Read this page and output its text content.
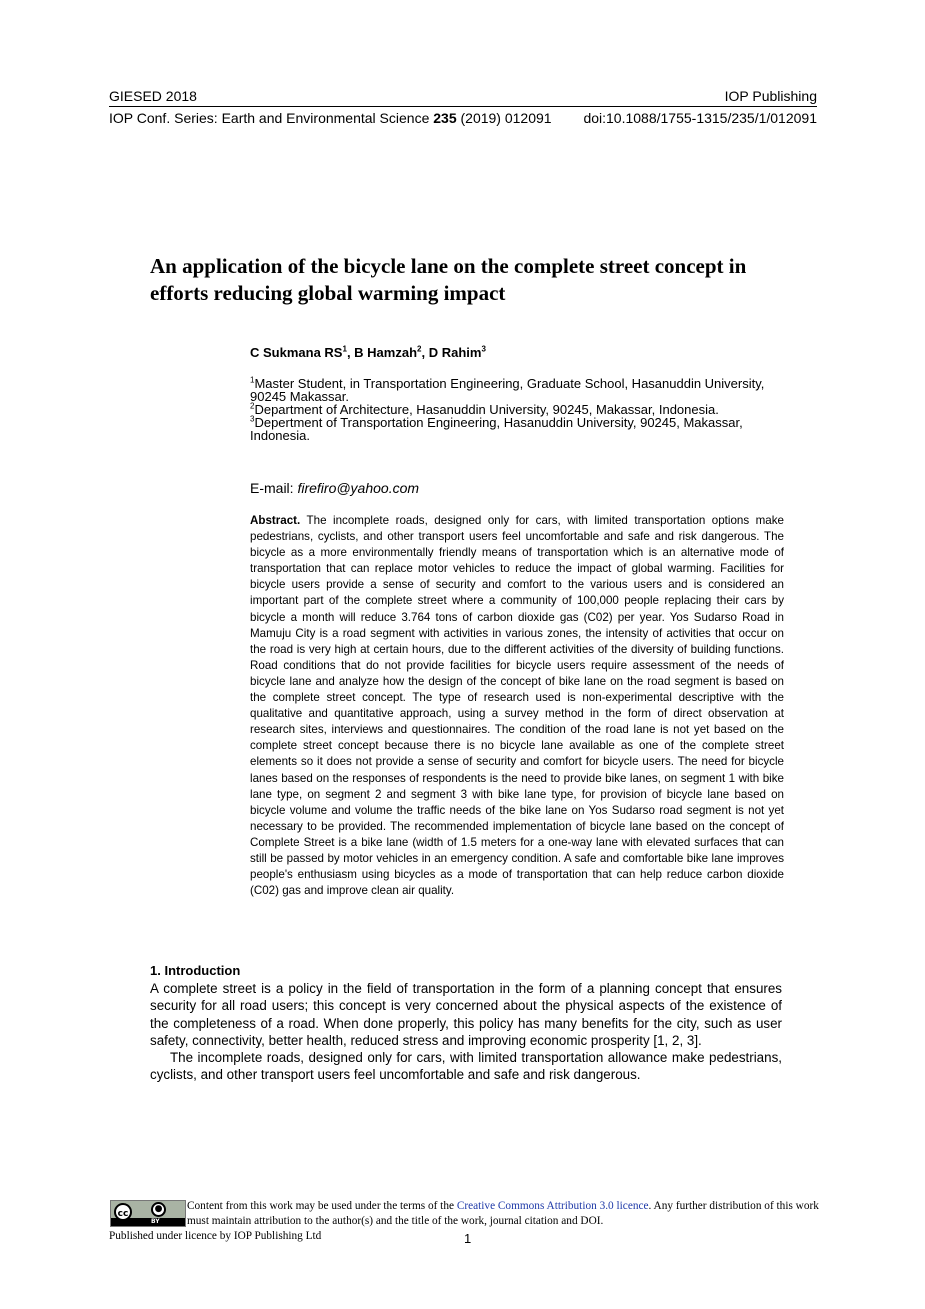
GIESED 2018	IOP Publishing
IOP Conf. Series: Earth and Environmental Science 235 (2019) 012091 doi:10.1088/1755-1315/235/1/012091
An application of the bicycle lane on the complete street concept in efforts reducing global warming impact
C Sukmana $RS^1$, B Hamzah$^2$, D Rahim$^3$
$^1$Master Student, in Transportation Engineering, Graduate School, Hasanuddin University, 90245 Makassar.
$^2$Department of Architecture, Hasanuddin University, 90245, Makassar, Indonesia.
$^3$Depertment of Transportation Engineering, Hasanuddin University, 90245, Makassar, Indonesia.
E-mail: firefiro@yahoo.com

Abstract. The incomplete roads, designed only for cars, with limited transportation options make pedestrians, cyclists, and other transport users feel uncomfortable and safe and risk dangerous. The bicycle as a more environmentally friendly means of transportation which is an alternative mode of transportation that can replace motor vehicles to reduce the impact of global warming. Facilities for bicycle users provide a sense of security and comfort to the various users and is considered an important part of the complete street where a community of 100,000 people replacing their cars by bicycle a month will reduce 3.764 tons of carbon dioxide gas (C02) per year. Yos Sudarso Road in Mamuju City is a road segment with activities in various zones, the intensity of activities that occur on the road is very high at certain hours, due to the different activities of the diversity of building functions. Road conditions that do not provide facilities for bicycle users require assessment of the needs of bicycle lane and analyze how the design of the concept of bike lane on the road segment is based on the complete street concept. The type of research used is non-experimental descriptive with the qualitative and quantitative approach, using a survey method in the form of direct observation at research sites, interviews and questionnaires. The condition of the road lane is not yet based on the complete street concept because there is no bicycle lane available as one of the complete street elements so it does not provide a sense of security and comfort for bicycle users. The need for bicycle lanes based on the responses of respondents is the need to provide bike lanes, on segment 1 with bike lane type, on segment 2 and segment 3 with bike lane type, for provision of bicycle lane based on bicycle volume and volume the traffic needs of the bike lane on Yos Sudarso road segment is not yet necessary to be provided. The recommended implementation of bicycle lane based on the concept of Complete Street is a bike lane (width of 1.5 meters for a one-way lane with elevated surfaces that can still be passed by motor vehicles in an emergency condition. A safe and comfortable bike lane improves people's enthusiasm using bicycles as a mode of transportation that can help reduce carbon dioxide (C02) gas and improve clean air quality.

1. Introduction

A complete street is a policy in the field of transportation in the form of a planning concept that ensures security for all road users; this concept is very concerned about the physical aspects of the existence of the completeness of a road. When done properly, this policy has many benefits for the city, such as user safety, connectivity, better health, reduced stress and improving economic prosperity [1, 2, 3].

The incomplete roads, designed only for cars, with limited transportation allowance make pedestrians, cyclists, and other transport users feel uncomfortable and safe and risk dangerous.

cc	●
BY
Content from this work may be used under the terms of the Creative Commons Attribution 3.0 licence. Any further distribution of this work must maintain attribution to the author(s) and the title of the work, journal citation and DOI.
Published under licence by IOP Publishing Ltd	1
